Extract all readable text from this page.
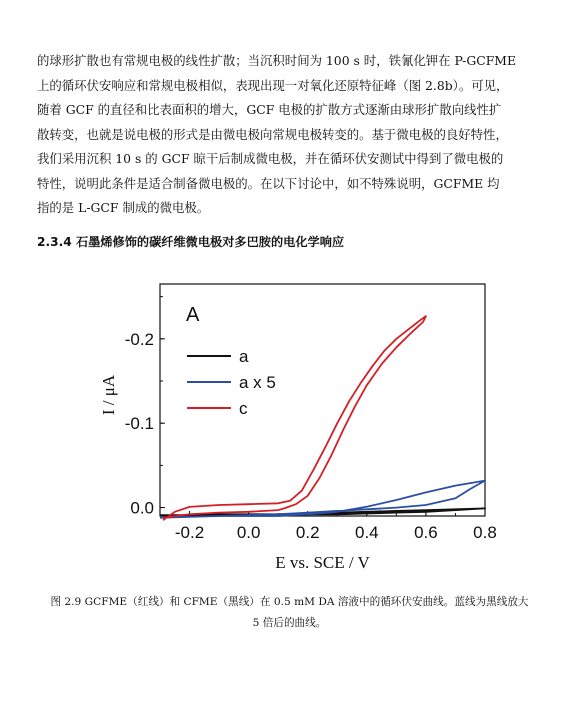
的球形扩散也有常规电极的线性扩散；当沉积时间为 100 s 时，铁氰化钾在 P-GCFME
上的循环伏安响应和常规电极相似，表现出现一对氧化还原特征峰（图 2.8b）。可见，
随着 GCF 的直径和比表面积的增大，GCF 电极的扩散方式逐渐由球形扩散向线性扩
散转变，也就是说电极的形式是由微电极向常规电极转变的。基于微电极的良好特性，
我们采用沉积 10 s 的 GCF 晾干后制成微电极，并在循环伏安测试中得到了微电极的
特性，说明此条件是适合制备微电极的。在以下讨论中，如不特殊说明，GCFME 均
指的是 L-GCF 制成的微电极。
2.3.4 石墨烯修饰的碳纤维微电极对多巴胺的电化学响应
-0.2 0.0 0.2 0.4 0.6 0.8
0.0
-0.1
-0.2
A
a
a x 5
c
E vs. SCE / V
I / μA
图 2.9 GCFME（红线）和 CFME（黑线）在 0.5 mM DA 溶液中的循环伏安曲线。蓝线为黑线放大
5 倍后的曲线。
